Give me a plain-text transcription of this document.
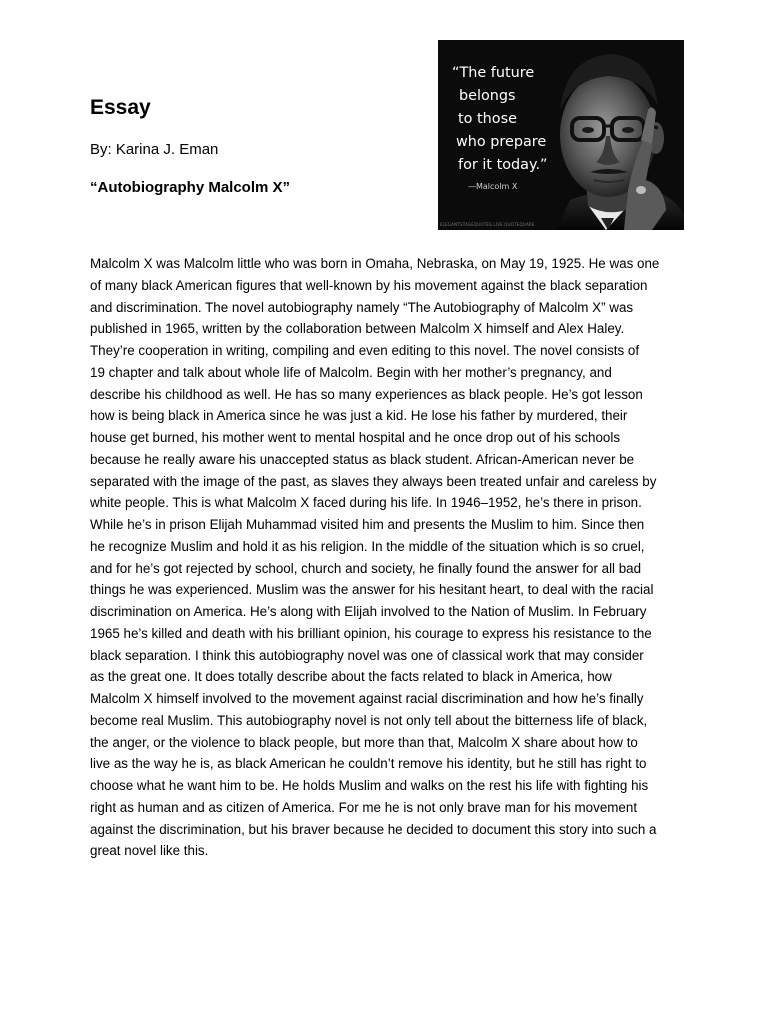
Essay
By: Karina J. Eman
“Autobiography Malcolm X”
“The future
belongs
to those
who prepare
for it today.”
—Malcolm X
ELEGANTSTAGEQUOTES.LIVE.QUOTEQUARE
Malcolm X was Malcolm little who was born in Omaha, Nebraska, on May 19, 1925. He was one
of many black American figures that well-known by his movement against the black separation
and discrimination. The novel autobiography namely “The Autobiography of Malcolm X” was
published in 1965, written by the collaboration between Malcolm X himself and Alex Haley.
They’re cooperation in writing, compiling and even editing to this novel. The novel consists of
19 chapter and talk about whole life of Malcolm. Begin with her mother’s pregnancy, and
describe his childhood as well. He has so many experiences as black people. He’s got lesson
how is being black in America since he was just a kid. He lose his father by murdered, their
house get burned, his mother went to mental hospital and he once drop out of his schools
because he really aware his unaccepted status as black student. African-American never be
separated with the image of the past, as slaves they always been treated unfair and careless by
white people. This is what Malcolm X faced during his life. In 1946–1952, he’s there in prison.
While he’s in prison Elijah Muhammad visited him and presents the Muslim to him. Since then
he recognize Muslim and hold it as his religion. In the middle of the situation which is so cruel,
and for he’s got rejected by school, church and society, he finally found the answer for all bad
things he was experienced. Muslim was the answer for his hesitant heart, to deal with the racial
discrimination on America. He’s along with Elijah involved to the Nation of Muslim. In February
1965 he’s killed and death with his brilliant opinion, his courage to express his resistance to the
black separation. I think this autobiography novel was one of classical work that may consider
as the great one. It does totally describe about the facts related to black in America, how
Malcolm X himself involved to the movement against racial discrimination and how he’s finally
become real Muslim. This autobiography novel is not only tell about the bitterness life of black,
the anger, or the violence to black people, but more than that, Malcolm X share about how to
live as the way he is, as black American he couldn’t remove his identity, but he still has right to
choose what he want him to be. He holds Muslim and walks on the rest his life with fighting his
right as human and as citizen of America. For me he is not only brave man for his movement
against the discrimination, but his braver because he decided to document this story into such a
great novel like this.
